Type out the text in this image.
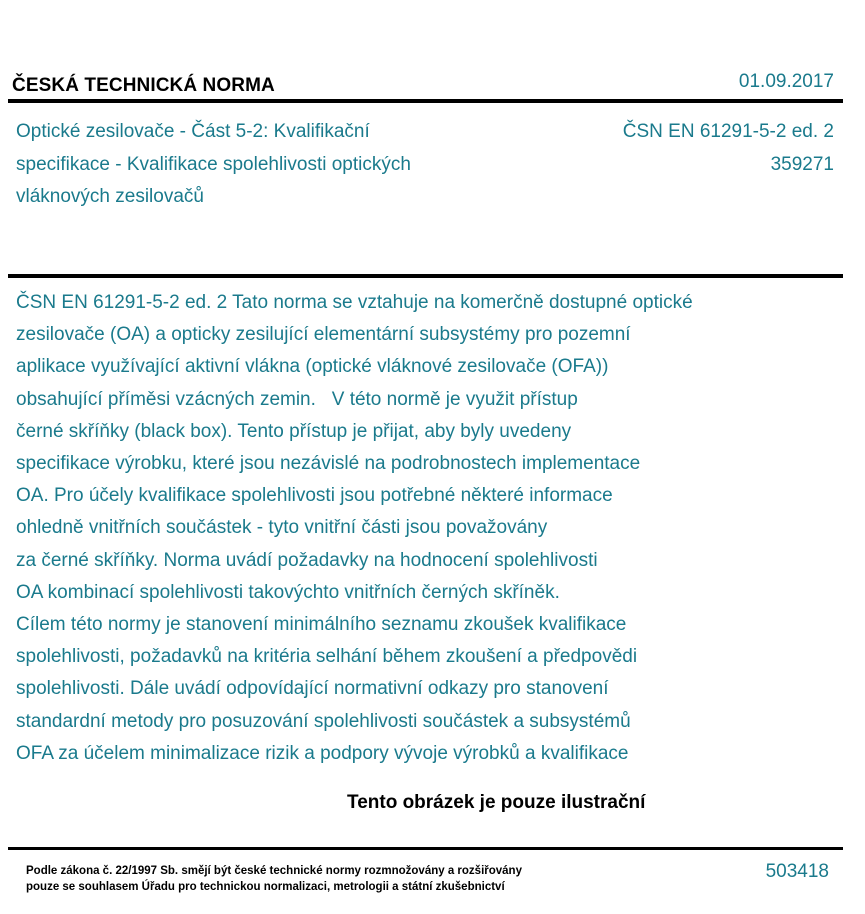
ČESKÁ TECHNICKÁ NORMA	01.09.2017
Optické zesilovače - Část 5-2: Kvalifikační
specifikace - Kvalifikace spolehlivosti optických
vláknových zesilovačů
ČSN EN 61291-5-2 ed. 2
359271
ČSN EN 61291-5-2 ed. 2 Tato norma se vztahuje na komerčně dostupné optické
zesilovače (OA) a opticky zesilující elementární subsystémy pro pozemní
aplikace využívající aktivní vlákna (optické vláknové zesilovače (OFA))
obsahující příměsi vzácných zemin.   V této normě je využit přístup
černé skříňky (black box). Tento přístup je přijat, aby byly uvedeny
specifikace výrobku, které jsou nezávislé na podrobnostech implementace
OA. Pro účely kvalifikace spolehlivosti jsou potřebné některé informace
ohledně vnitřních součástek - tyto vnitřní části jsou považovány
za černé skříňky. Norma uvádí požadavky na hodnocení spolehlivosti
OA kombinací spolehlivosti takovýchto vnitřních černých skříněk.
Cílem této normy je stanovení minimálního seznamu zkoušek kvalifikace
spolehlivosti, požadavků na kritéria selhání během zkoušení a předpovědi
spolehlivosti. Dále uvádí odpovídající normativní odkazy pro stanovení
standardní metody pro posuzování spolehlivosti součástek a subsystémů
OFA za účelem minimalizace rizik a podpory vývoje výrobků a kvalifikace
Tento obrázek je pouze ilustrační
Podle zákona č. 22/1997 Sb. smějí být české technické normy rozmnožovány a rozšiřovány
pouze se souhlasem Úřadu pro technickou normalizaci, metrologii a státní zkušebnictví
503418
